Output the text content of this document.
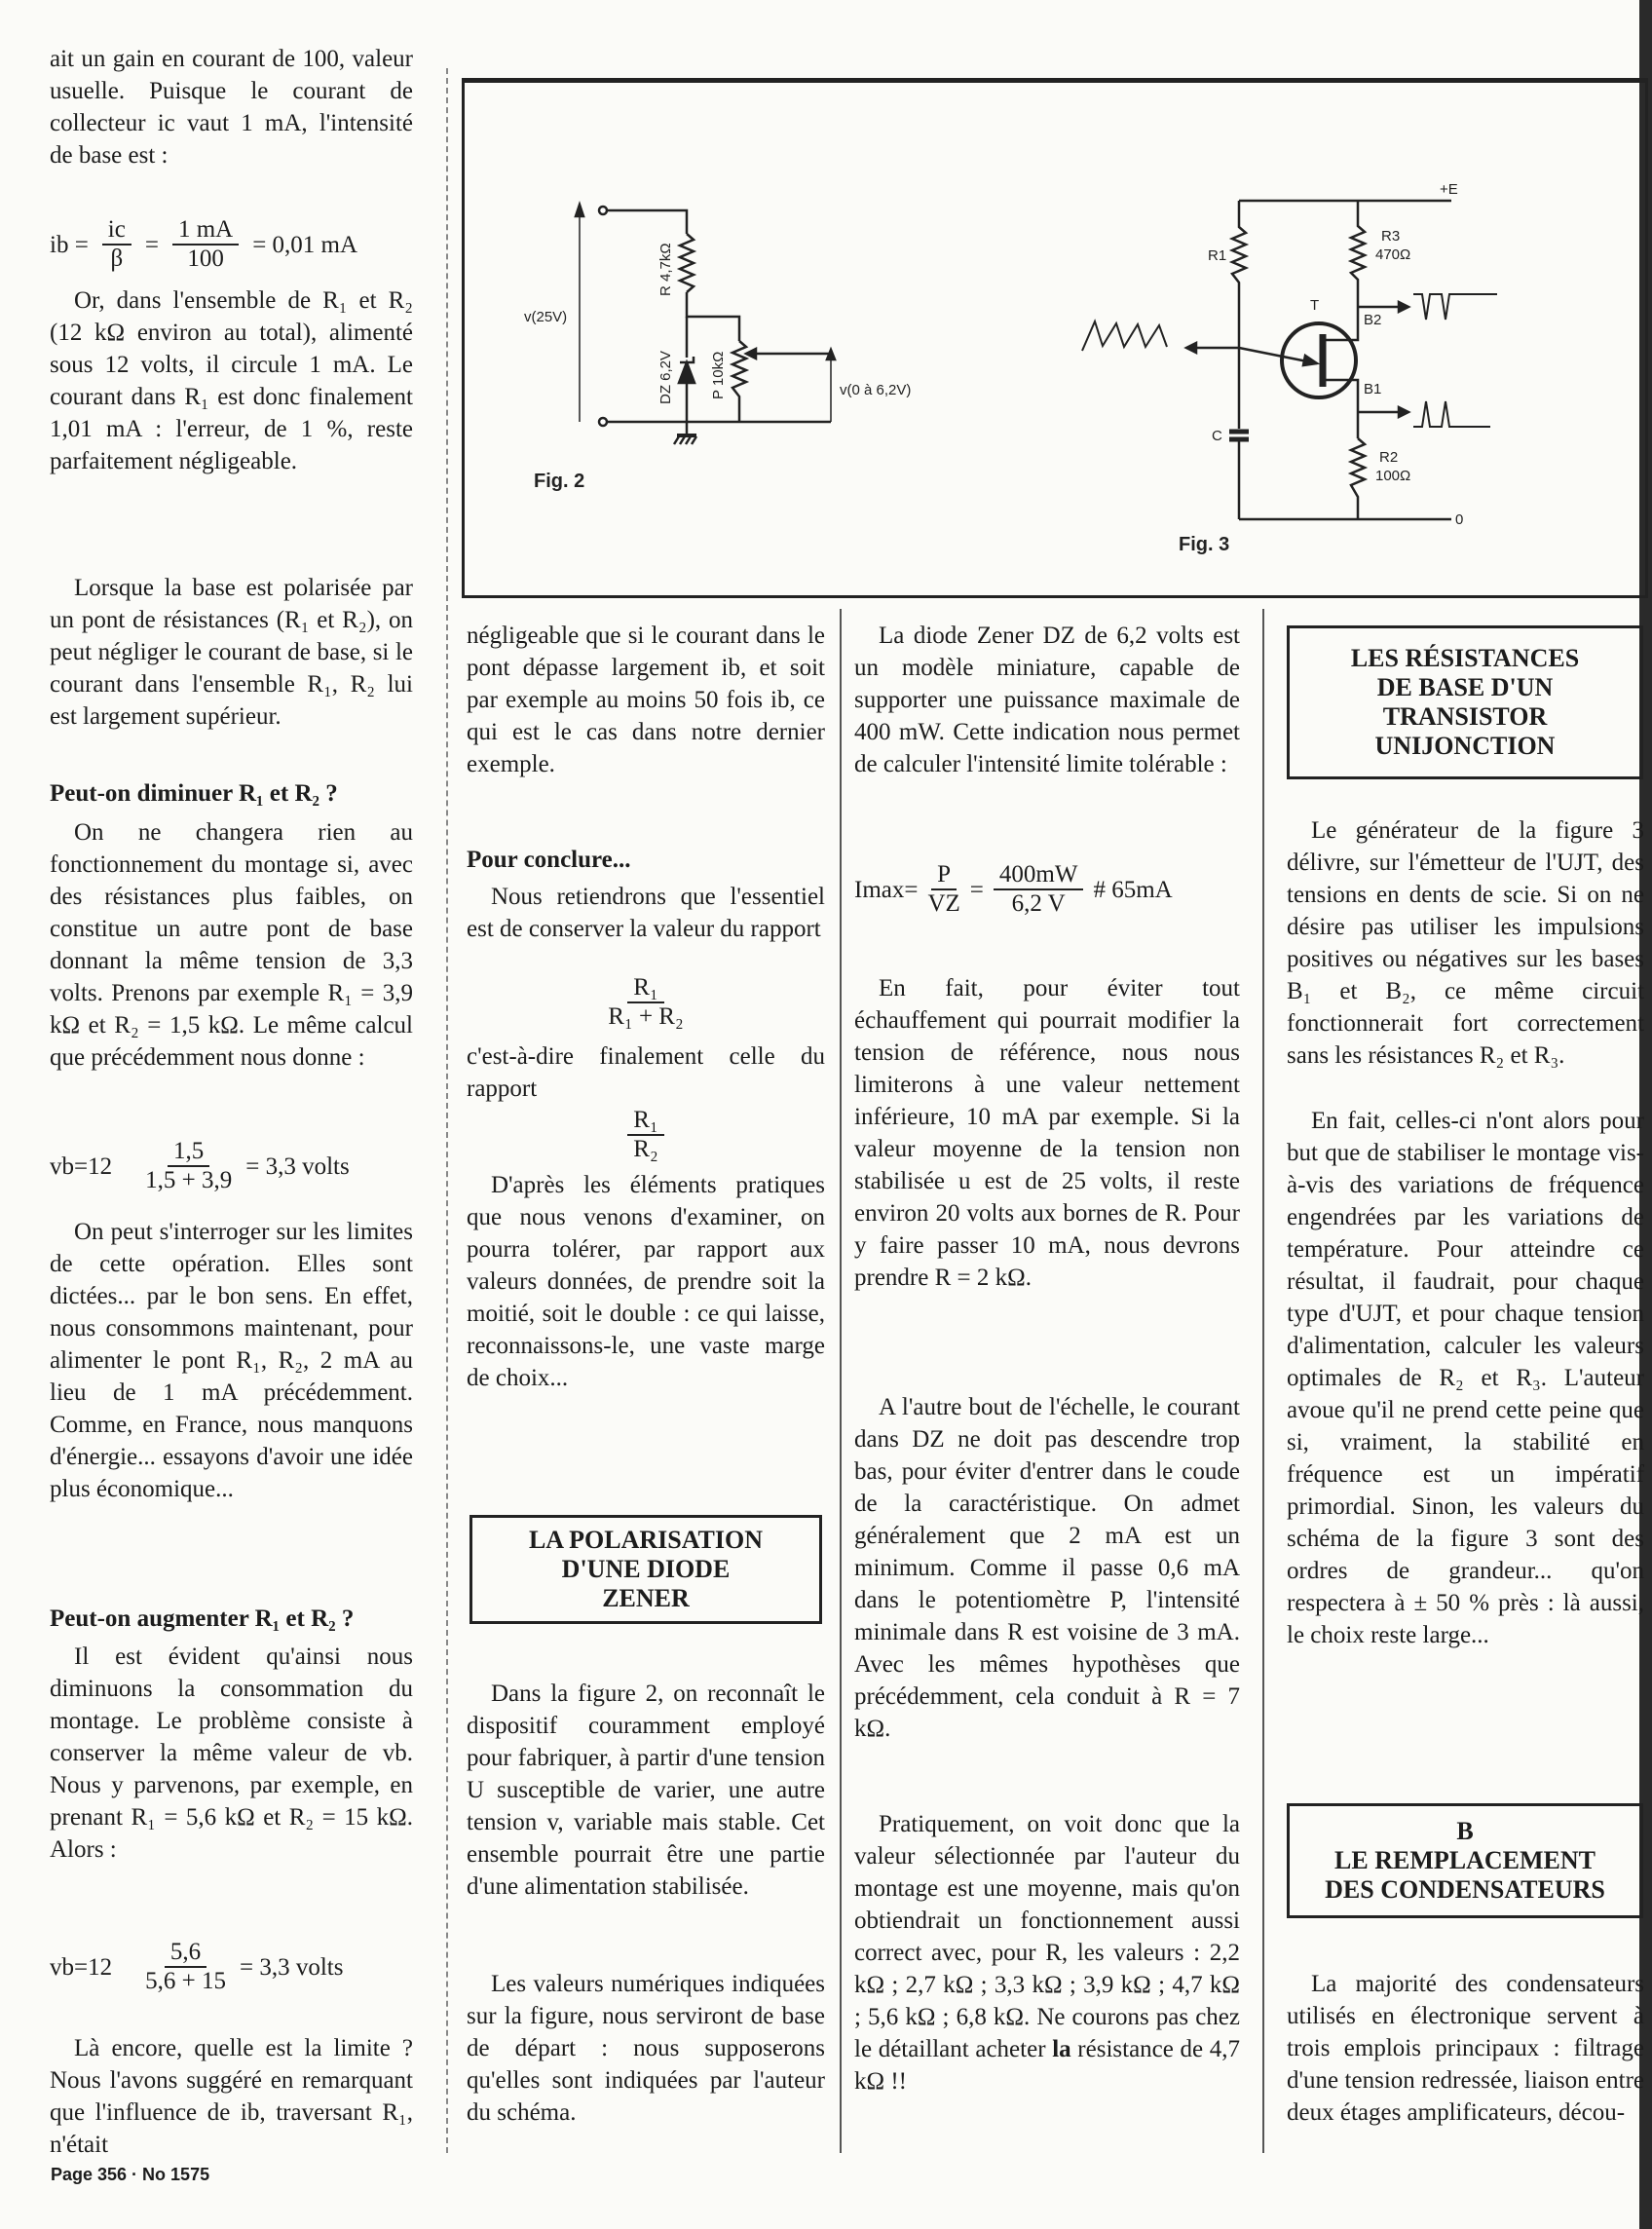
ait un gain en courant de 100, valeur usuelle. Puisque le courant de collecteur ic vaut 1 mA, l'intensité de base est :

ib = $\frac{ic}{\beta} = \frac{1 mA}{100} = 0,01$ mA

Or, dans l'ensemble de R₁ et R₂ (12 kΩ environ au total), alimenté sous 12 volts, il circule 1 mA. Le courant dans R₁ est donc finalement 1,01 mA : l'erreur, de 1 %, reste parfaitement négligeable.

Lorsque la base est polarisée par un pont de résistances (R₁ et R₂), on peut négliger le courant de base, si le courant dans l'ensemble R₁, R₂ lui est largement supérieur.

Peut-on diminuer R₁ et R₂ ?

On ne changera rien au fonctionnement du montage si, avec des résistances plus faibles, on constitue un autre pont de base donnant la même tension de 3,3 volts. Prenons par exemple R₁ = 3,9 kΩ et R₂ = 1,5 kΩ. Le même calcul que précédemment nous donne :

$vb=12 \frac{1,5}{1,5 + 3,9} = 3,3$ volts

On peut s'interroger sur les limites de cette opération. Elles sont dictées... par le bon sens. En effet, nous consommons maintenant, pour alimenter le pont R₁, R₂, 2 mA au lieu de 1 mA précédemment. Comme, en France, nous manquons d'énergie... essayons d'avoir une idée plus économique...

Peut-on augmenter R₁ et R₂ ?

Il est évident qu'ainsi nous diminuons la consommation du montage. Le problème consiste à conserver la même valeur de vb. Nous y parvenons, par exemple, en prenant R₁ = 5,6 kΩ et R₂ = 15 kΩ. Alors :

$vb=12 \frac{5,6}{5,6 + 15} = 3,3$ volts

Là encore, quelle est la limite ? Nous l'avons suggéré en remarquant que l'influence de ib, traversant R₁, n'était

v(25V)
v(0 à 6,2V)
R 4,7kΩ
DZ 6,2V P 10kΩ
Fig. 2
+E
R1
R3
470Ω
T
B2
B1
C
R2
100Ω
0
Fig. 3

négligeable que si le courant dans le pont dépasse largement ib, et soit par exemple au moins 50 fois ib, ce qui est le cas dans notre dernier exemple.

Pour conclure...

Nous retiendrons que l'essentiel est de conserver la valeur du rapport

$\frac{\text{R₁}}{\text{R₁ + R₂}}$

c'est-à-dire finalement celle du rapport

$\frac{\text{R₁}}{\text{R₂}}$

D'après les éléments pratiques que nous venons d'examiner, on pourra tolérer, par rapport aux valeurs données, de prendre soit la moitié, soit le double : ce qui laisse, reconnaissons-le, une vaste marge de choix...

LA POLARISATION
D'UNE DIODE
ZENER

Dans la figure 2, on reconnaît le dispositif couramment employé pour fabriquer, à partir d'une tension U susceptible de varier, une autre tension v, variable mais stable. Cet ensemble pourrait être une partie d'une alimentation stabilisée.

Les valeurs numériques indiquées sur la figure, nous serviront de base de départ : nous supposerons qu'elles sont indiquées par l'auteur du schéma.

La diode Zener DZ de 6,2 volts est un modèle miniature, capable de supporter une puissance maximale de 400 mW. Cette indication nous permet de calculer l'intensité limite tolérable :

$Imax= \frac{P}{VZ} = \frac{400mW}{6,2 V}$ # 65mA

En fait, pour éviter tout échauffement qui pourrait modifier la tension de référence, nous nous limiterons à une valeur nettement inférieure, 10 mA par exemple. Si la valeur moyenne de la tension non stabilisée u est de 25 volts, il reste environ 20 volts aux bornes de R. Pour y faire passer 10 mA, nous devrons prendre R = 2 kΩ.

A l'autre bout de l'échelle, le courant dans DZ ne doit pas descendre trop bas, pour éviter d'entrer dans le coude de la caractéristique. On admet généralement que 2 mA est un minimum. Comme il passe 0,6 mA dans le potentiomètre P, l'intensité minimale dans R est voisine de 3 mA. Avec les mêmes hypothèses que précédemment, cela conduit à R = 7 kΩ.

Pratiquement, on voit donc que la valeur sélectionnée par l'auteur du montage est une moyenne, mais qu'on obtiendrait un fonctionnement aussi correct avec, pour R, les valeurs : 2,2 kΩ ; 2,7 kΩ ; 3,3 kΩ ; 3,9 kΩ ; 4,7 kΩ ; 5,6 kΩ ; 6,8 kΩ. Ne courons pas chez le détaillant acheter la résistance de 4,7 kΩ !!

LES RÉSISTANCES
DE BASE D'UN
TRANSISTOR
UNIJONCTION

Le générateur de la figure 3 délivre, sur l'émetteur de l'UJT, des tensions en dents de scie. Si on ne désire pas utiliser les impulsions positives ou négatives sur les bases B₁ et B₂, ce même circuit fonctionnerait fort correctement sans les résistances R₂ et R₃.

En fait, celles-ci n'ont alors pour but que de stabiliser le montage vis-à-vis des variations de fréquence engendrées par les variations de température. Pour atteindre ce résultat, il faudrait, pour chaque type d'UJT, et pour chaque tension d'alimentation, calculer les valeurs optimales de R₂ et R₃. L'auteur avoue qu'il ne prend cette peine que si, vraiment, la stabilité en fréquence est un impératif primordial. Sinon, les valeurs du schéma de la figure 3 sont des ordres de grandeur... qu'on respectera à ± 50 % près : là aussi, le choix reste large...

B
LE REMPLACEMENT
DES CONDENSATEURS

La majorité des condensateurs utilisés en électronique servent à trois emplois principaux : filtrage d'une tension redressée, liaison entre deux étages amplificateurs, décou-

Page 356 · No 1575
